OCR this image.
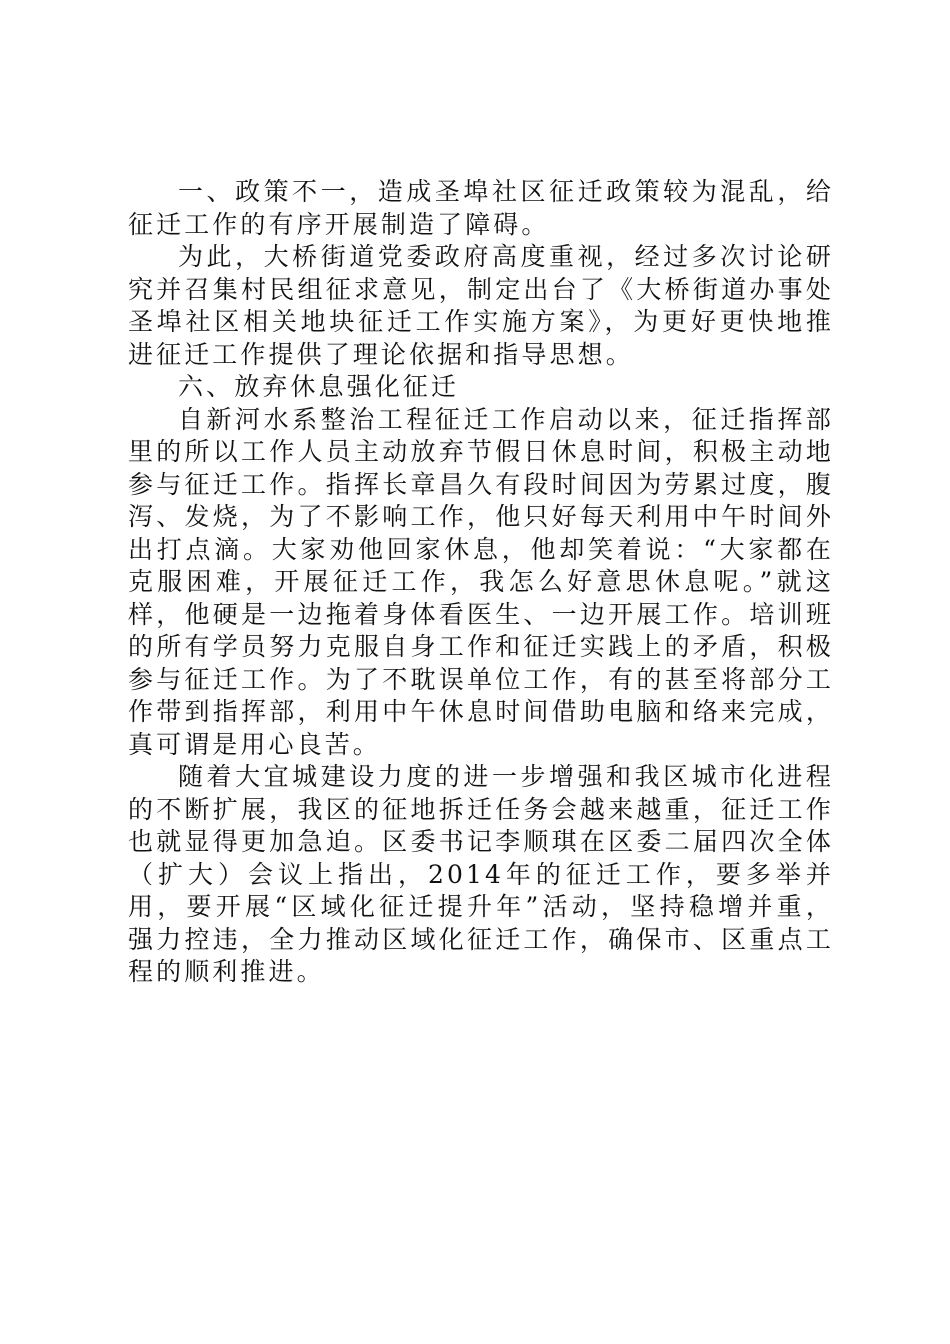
一、政策不一，造成圣埠社区征迁政策较为混乱，给征迁工作的有序开展制造了障碍。

为此，大桥街道党委政府高度重视，经过多次讨论研究并召集村民组征求意见，制定出台了《大桥街道办事处圣埠社区相关地块征迁工作实施方案》，为更好更快地推进征迁工作提供了理论依据和指导思想。

六、放弃休息强化征迁

自新河水系整治工程征迁工作启动以来，征迁指挥部里的所以工作人员主动放弃节假日休息时间，积极主动地参与征迁工作。指挥长章昌久有段时间因为劳累过度，腹泻、发烧，为了不影响工作，他只好每天利用中午时间外出打点滴。大家劝他回家休息，他却笑着说：“大家都在克服困难，开展征迁工作，我怎么好意思休息呢。”就这样，他硬是一边拖着身体看医生、一边开展工作。培训班的所有学员努力克服自身工作和征迁实践上的矛盾，积极参与征迁工作。为了不耽误单位工作，有的甚至将部分工作带到指挥部，利用中午休息时间借助电脑和络来完成，真可谓是用心良苦。

随着大宜城建设力度的进一步增强和我区城市化进程的不断扩展，我区的征地拆迁任务会越来越重，征迁工作也就显得更加急迫。区委书记李顺琪在区委二届四次全体（扩大）会议上指出，2014年的征迁工作，要多举并用，要开展“区域化征迁提升年”活动，坚持稳增并重，强力控违，全力推动区域化征迁工作，确保市、区重点工程的顺利推进。
